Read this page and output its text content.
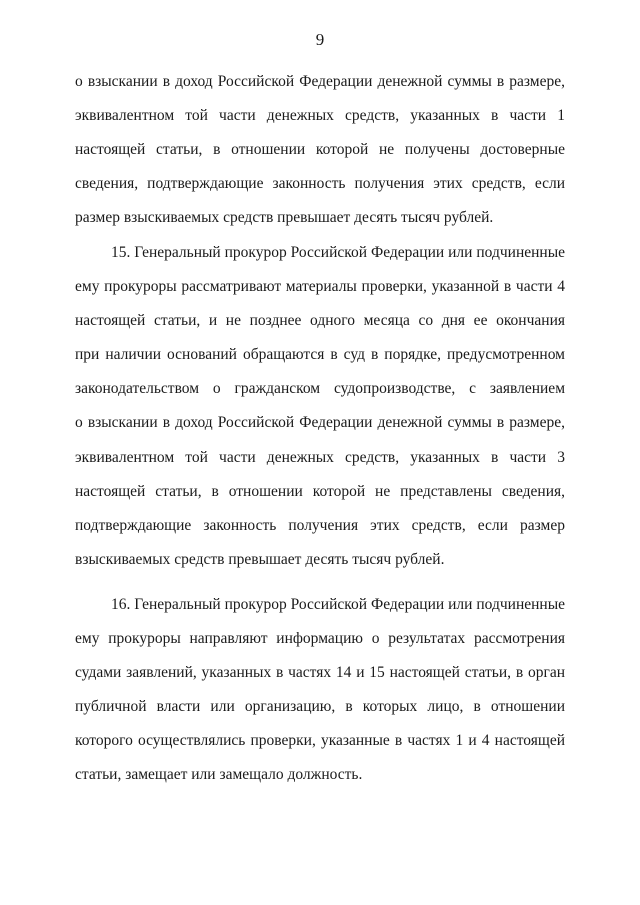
9
о взыскании в доход Российской Федерации денежной суммы в размере,
эквивалентном той части денежных средств, указанных в части 1
настоящей статьи, в отношении которой не получены достоверные
сведения, подтверждающие законность получения этих средств, если
размер взыскиваемых средств превышает десять тысяч рублей.
15. Генеральный прокурор Российской Федерации или подчиненные
ему прокуроры рассматривают материалы проверки, указанной в части 4
настоящей статьи, и не позднее одного месяца со дня ее окончания
при наличии оснований обращаются в суд в порядке, предусмотренном
законодательством о гражданском судопроизводстве, с заявлением
о взыскании в доход Российской Федерации денежной суммы в размере,
эквивалентном той части денежных средств, указанных в части 3
настоящей статьи, в отношении которой не представлены сведения,
подтверждающие законность получения этих средств, если размер
взыскиваемых средств превышает десять тысяч рублей.
16. Генеральный прокурор Российской Федерации или подчиненные
ему прокуроры направляют информацию о результатах рассмотрения
судами заявлений, указанных в частях 14 и 15 настоящей статьи, в орган
публичной власти или организацию, в которых лицо, в отношении
которого осуществлялись проверки, указанные в частях 1 и 4 настоящей
статьи, замещает или замещало должность.
